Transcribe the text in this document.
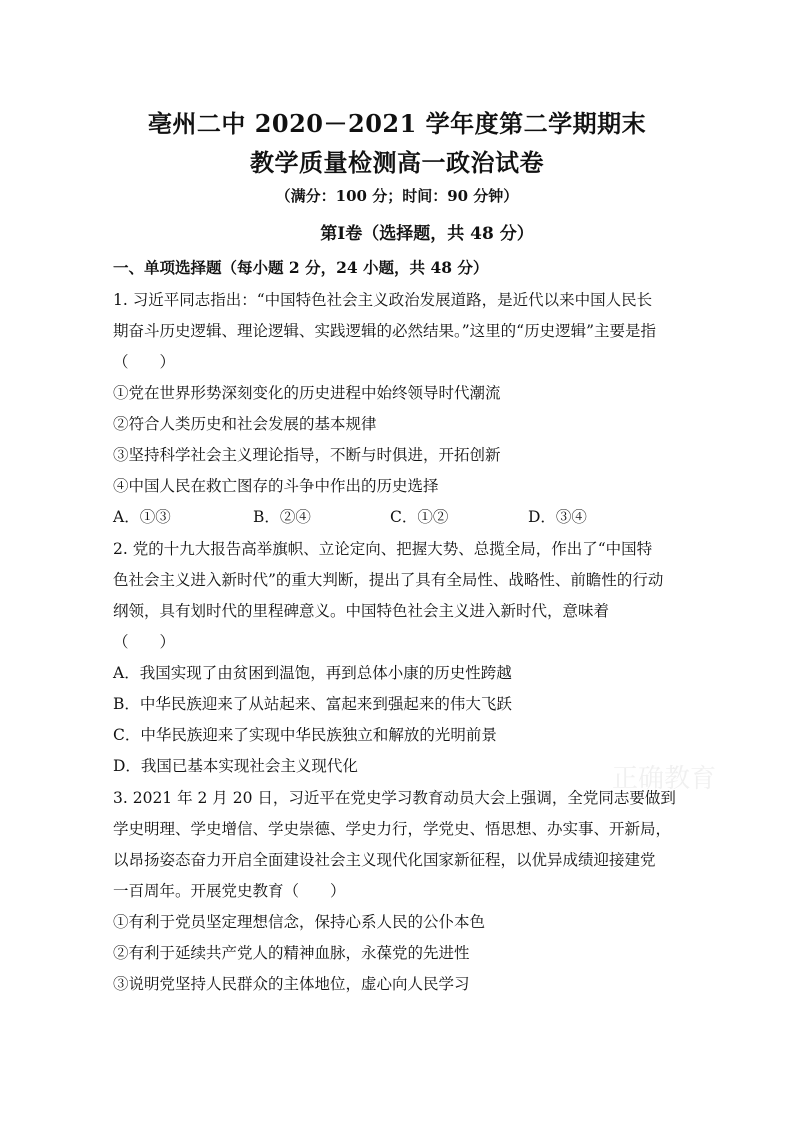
亳州二中 2020－2021 学年度第二学期期末
教学质量检测高一政治试卷
（满分：100 分；时间：90 分钟）
第Ⅰ卷（选择题，共 48 分）
一、单项选择题（每小题 2 分，24 小题，共 48 分）
1. 习近平同志指出：“中国特色社会主义政治发展道路，是近代以来中国人民长
期奋斗历史逻辑、理论逻辑、实践逻辑的必然结果。”这里的“历史逻辑”主要是指
（　　）
①党在世界形势深刻变化的历史进程中始终领导时代潮流
②符合人类历史和社会发展的基本规律
③坚持科学社会主义理论指导，不断与时俱进，开拓创新
④中国人民在救亡图存的斗争中作出的历史选择
A．①③	B．②④	C．①②	D．③④
2. 党的十九大报告高举旗帜、立论定向、把握大势、总揽全局，作出了“中国特
色社会主义进入新时代”的重大判断，提出了具有全局性、战略性、前瞻性的行动
纲领，具有划时代的里程碑意义。中国特色社会主义进入新时代，意味着
（　　）
A．我国实现了由贫困到温饱，再到总体小康的历史性跨越
B．中华民族迎来了从站起来、富起来到强起来的伟大飞跃
C．中华民族迎来了实现中华民族独立和解放的光明前景
D．我国已基本实现社会主义现代化
3. 2021 年 2 月 20 日，习近平在党史学习教育动员大会上强调，全党同志要做到
学史明理、学史增信、学史崇德、学史力行，学党史、悟思想、办实事、开新局，
以昂扬姿态奋力开启全面建设社会主义现代化国家新征程，以优异成绩迎接建党
一百周年。开展党史教育（　　）
①有利于党员坚定理想信念，保持心系人民的公仆本色
②有利于延续共产党人的精神血脉，永葆党的先进性
③说明党坚持人民群众的主体地位，虚心向人民学习
正确教育
